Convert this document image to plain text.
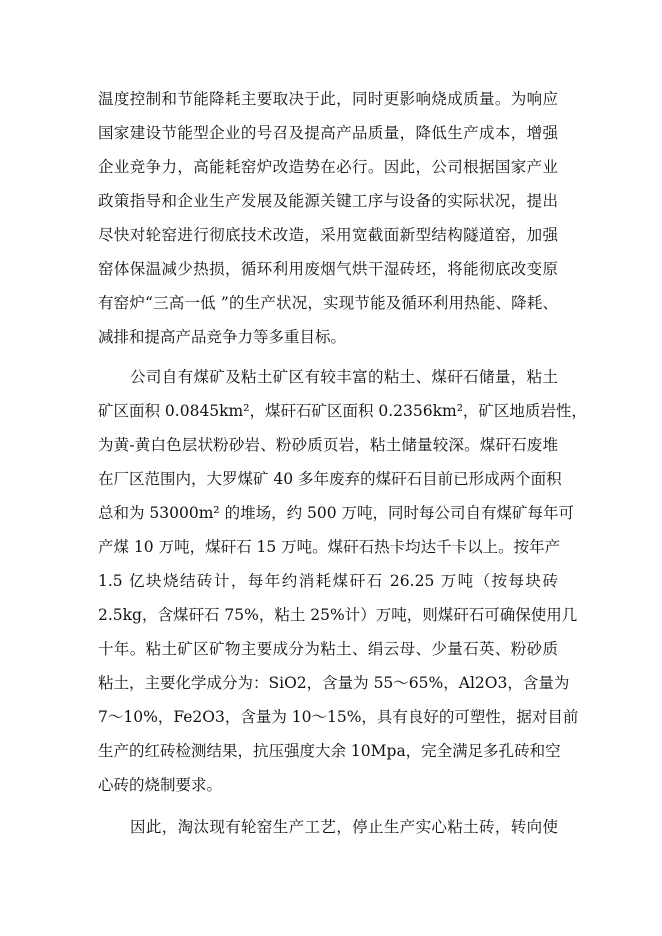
温度控制和节能降耗主要取决于此，同时更影响烧成质量。为响应
国家建设节能型企业的号召及提高产品质量，降低生产成本，增强
企业竞争力，高能耗窑炉改造势在必行。因此，公司根据国家产业
政策指导和企业生产发展及能源关键工序与设备的实际状况，提出
尽快对轮窑进行彻底技术改造，采用宽截面新型结构隧道窑，加强
窑体保温减少热损，循环利用废烟气烘干湿砖坯，将能彻底改变原
有窑炉“三高一低 ”的生产状况，实现节能及循环利用热能、降耗、
减排和提高产品竞争力等多重目标。
公司自有煤矿及粘土矿区有较丰富的粘土、煤矸石储量，粘土
矿区面积 0.0845km²，煤矸石矿区面积 0.2356km²，矿区地质岩性，
为黄-黄白色层状粉砂岩、粉砂质页岩，粘土储量较深。煤矸石废堆
在厂区范围内，大罗煤矿 40 多年废弃的煤矸石目前已形成两个面积
总和为 53000m² 的堆场，约 500 万吨，同时每公司自有煤矿每年可
产煤 10 万吨，煤矸石 15 万吨。煤矸石热卡均达千卡以上。按年产
1.5 亿块烧结砖计，每年约消耗煤矸石 26.25 万吨（按每块砖
2.5kg，含煤矸石 75%，粘土 25%计）万吨，则煤矸石可确保使用几
十年。粘土矿区矿物主要成分为粘土、绢云母、少量石英、粉砂质
粘土，主要化学成分为：SiO2，含量为 55～65%，Al2O3，含量为
7～10%，Fe2O3，含量为 10～15%，具有良好的可塑性，据对目前
生产的红砖检测结果，抗压强度大余 10Mpa，完全满足多孔砖和空
心砖的烧制要求。
因此，淘汰现有轮窑生产工艺，停止生产实心粘土砖，转向使
